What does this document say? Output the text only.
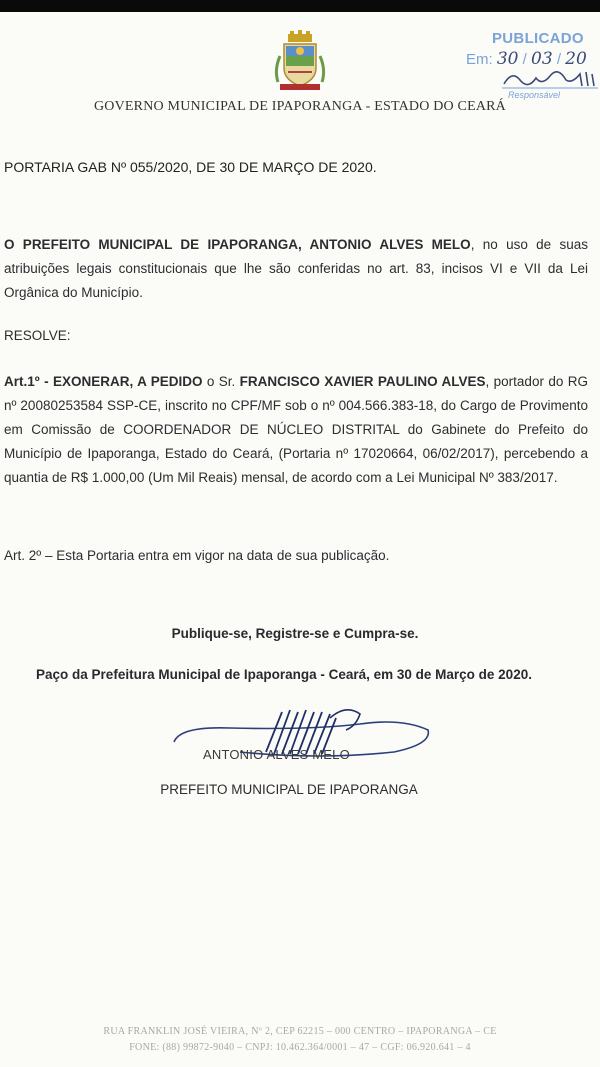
PUBLICADO
Em: 30 / 03 / 20
Responsável
GOVERNO MUNICIPAL DE IPAPORANGA - ESTADO DO CEARÁ
PORTARIA GAB Nº 055/2020, DE 30 DE MARÇO DE 2020.
O PREFEITO MUNICIPAL DE IPAPORANGA, ANTONIO ALVES MELO, no uso de suas atribuições legais constitucionais que lhe são conferidas no art. 83, incisos VI e VII da Lei Orgânica do Município.
RESOLVE:
Art.1º - EXONERAR, A PEDIDO o Sr. FRANCISCO XAVIER PAULINO ALVES, portador do RG nº 20080253584 SSP-CE, inscrito no CPF/MF sob o nº 004.566.383-18, do Cargo de Provimento em Comissão de COORDENADOR DE NÚCLEO DISTRITAL do Gabinete do Prefeito do Município de Ipaporanga, Estado do Ceará, (Portaria nº 17020664, 06/02/2017), percebendo a quantia de R$ 1.000,00 (Um Mil Reais) mensal, de acordo com a Lei Municipal Nº 383/2017.
Art. 2º – Esta Portaria entra em vigor na data de sua publicação.
Publique-se, Registre-se e Cumpra-se.
Paço da Prefeitura Municipal de Ipaporanga - Ceará, em 30 de Março de 2020.
ANTONIO ALVES MELO
PREFEITO MUNICIPAL DE IPAPORANGA
RUA FRANKLIN JOSÉ VIEIRA, Nº 2, CEP 62215 – 000 CENTRO – IPAPORANGA – CE
FONE: (88) 99872-9040 – CNPJ: 10.462.364/0001 – 47 – CGF: 06.920.641 – 4
